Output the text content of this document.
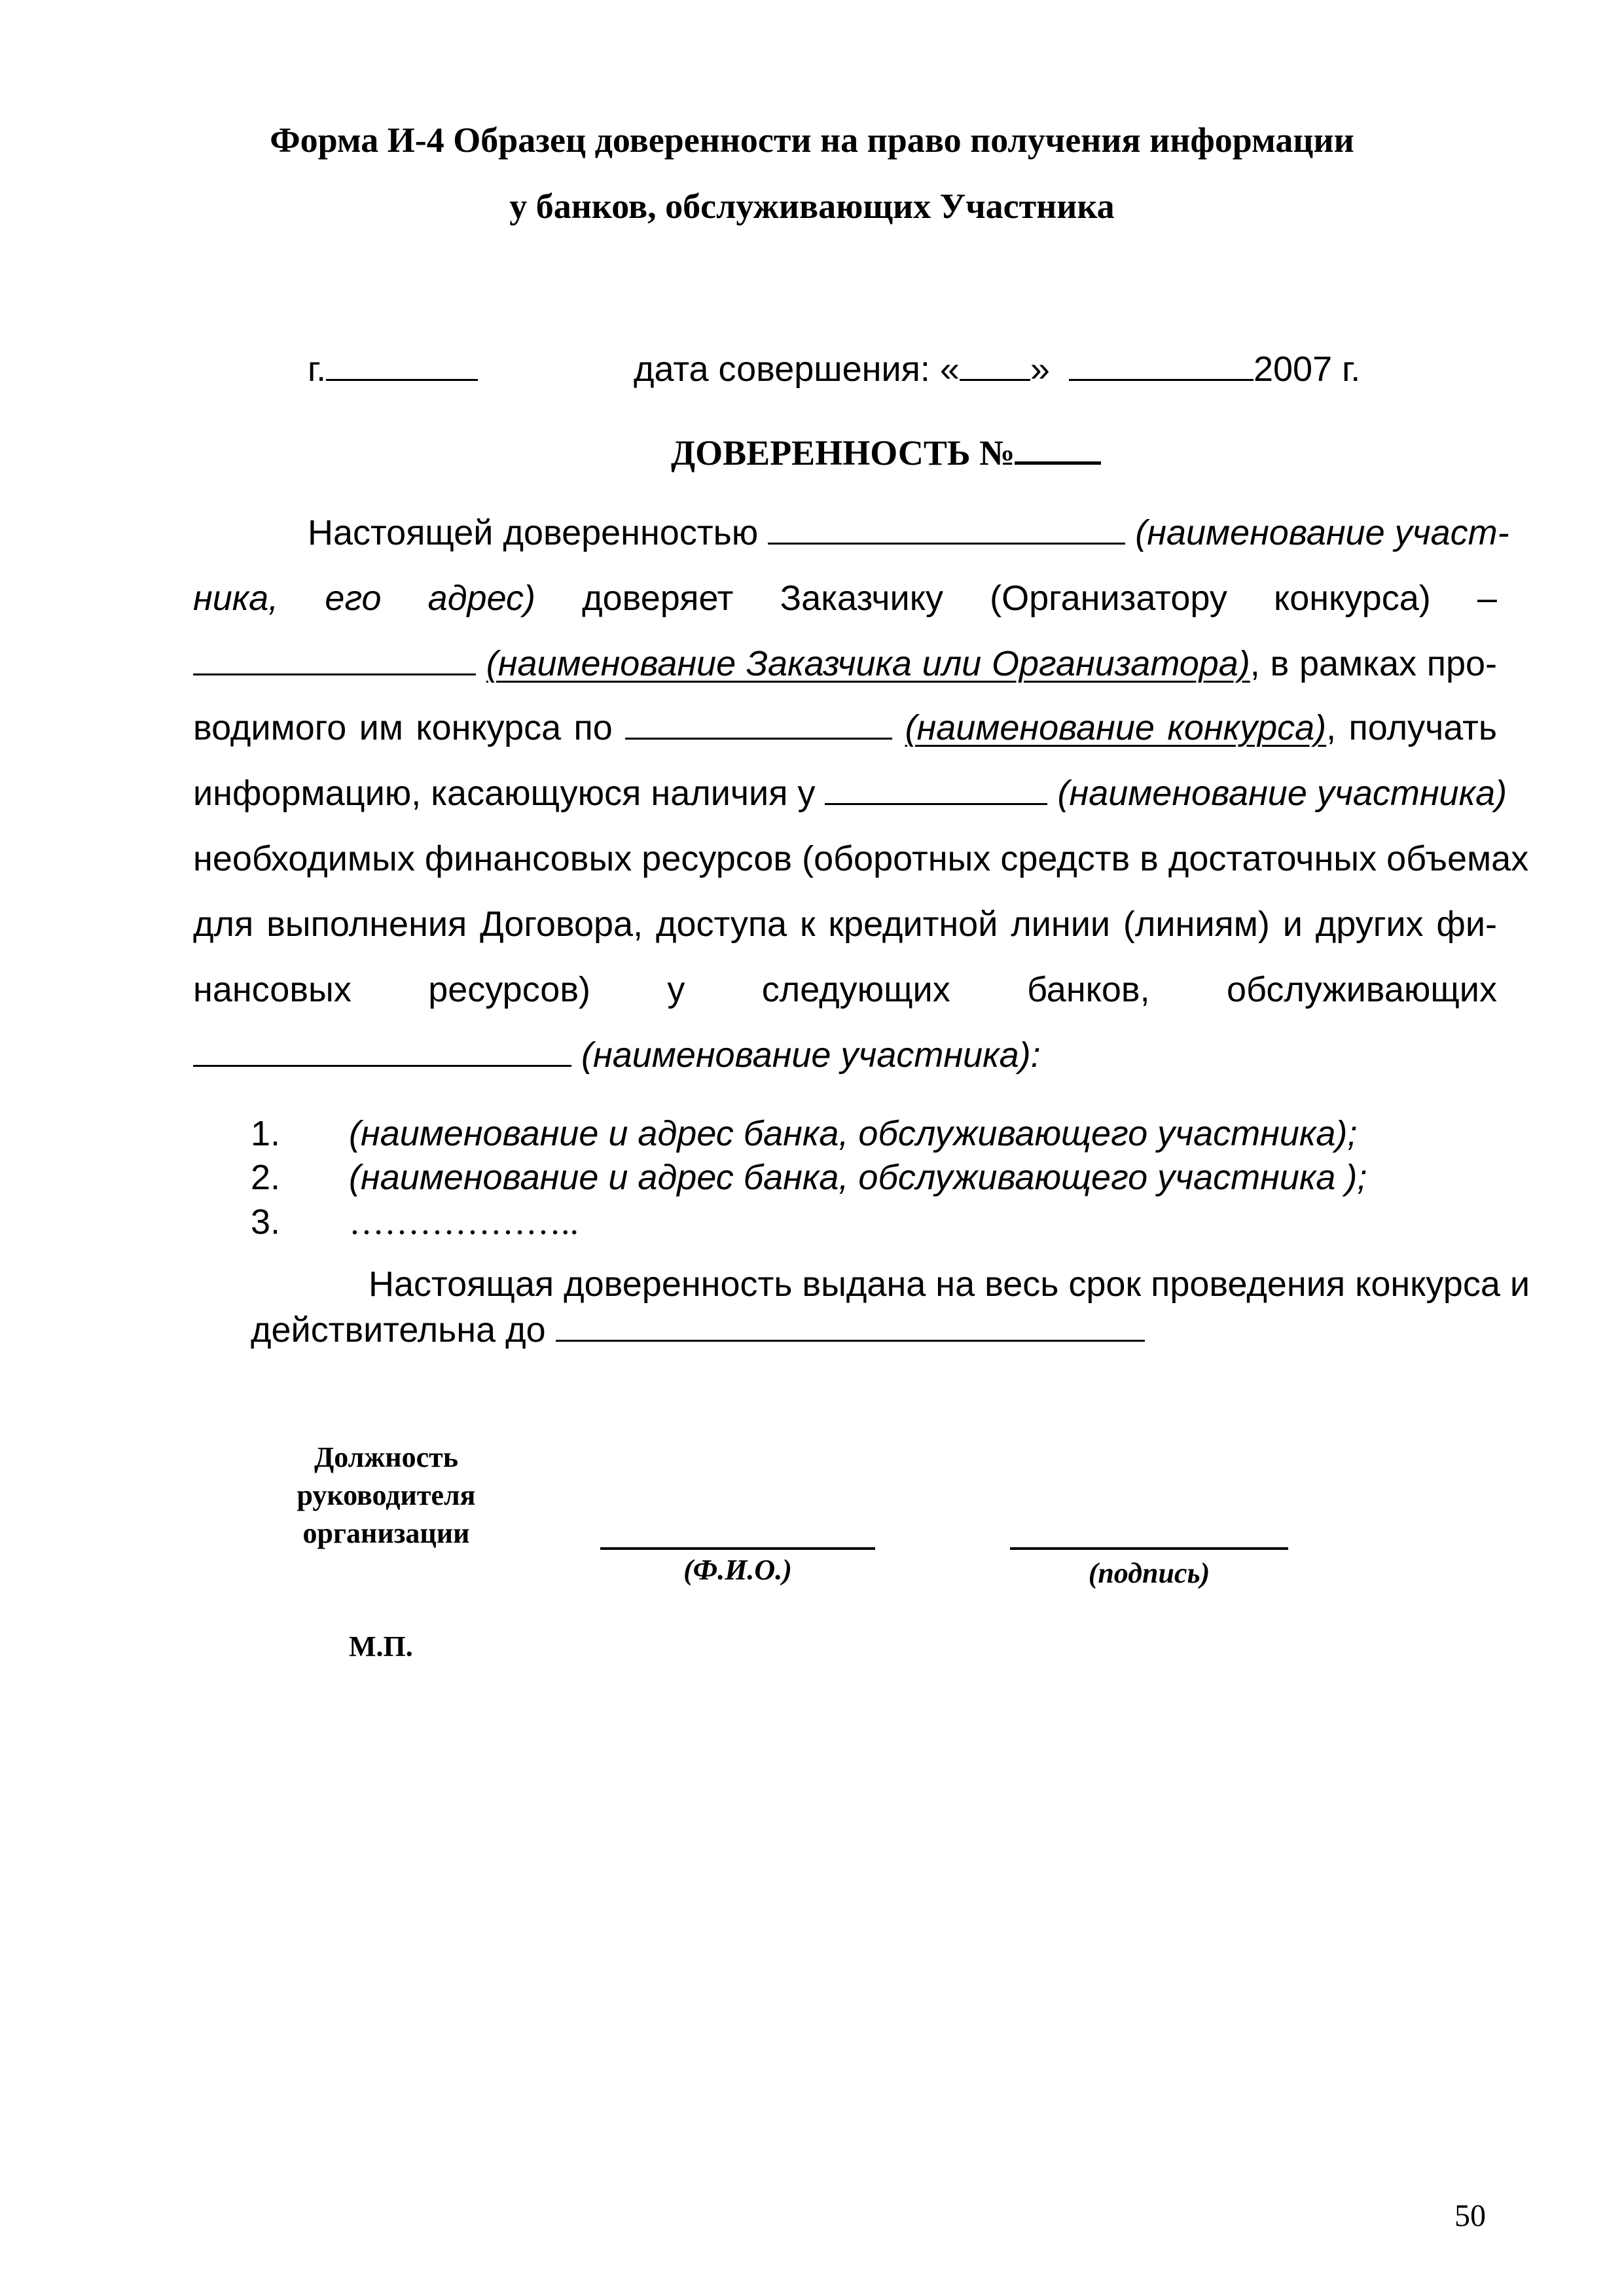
Форма И-4 Образец доверенности на право получения информации
у банков, обслуживающих Участника
г.	дата совершения: « »	2007 г.
ДОВЕРЕННОСТЬ №
Настоящей доверенностью	(наименование участ-
ника, его адрес) доверяет Заказчику (Организатору конкурса) –
(наименование Заказчика или Организатора), в рамках про-
водимого им конкурса по	(наименование конкурса), получать
информацию, касающуюся наличия у	(наименование участника)
необходимых финансовых ресурсов (оборотных средств в достаточных объемах
для выполнения Договора, доступа к кредитной линии (линиям) и других фи-
нансовых ресурсов) у следующих банков, обслуживающих
(наименование участника):
1. (наименование и адрес банка, обслуживающего участника);
2. (наименование и адрес банка, обслуживающего участника );
3. ………………..
Настоящая доверенность выдана на весь срок проведения конкурса и
действительна до
Должность
руководителя
организации
(Ф.И.О.)	(подпись)
М.П.
50
